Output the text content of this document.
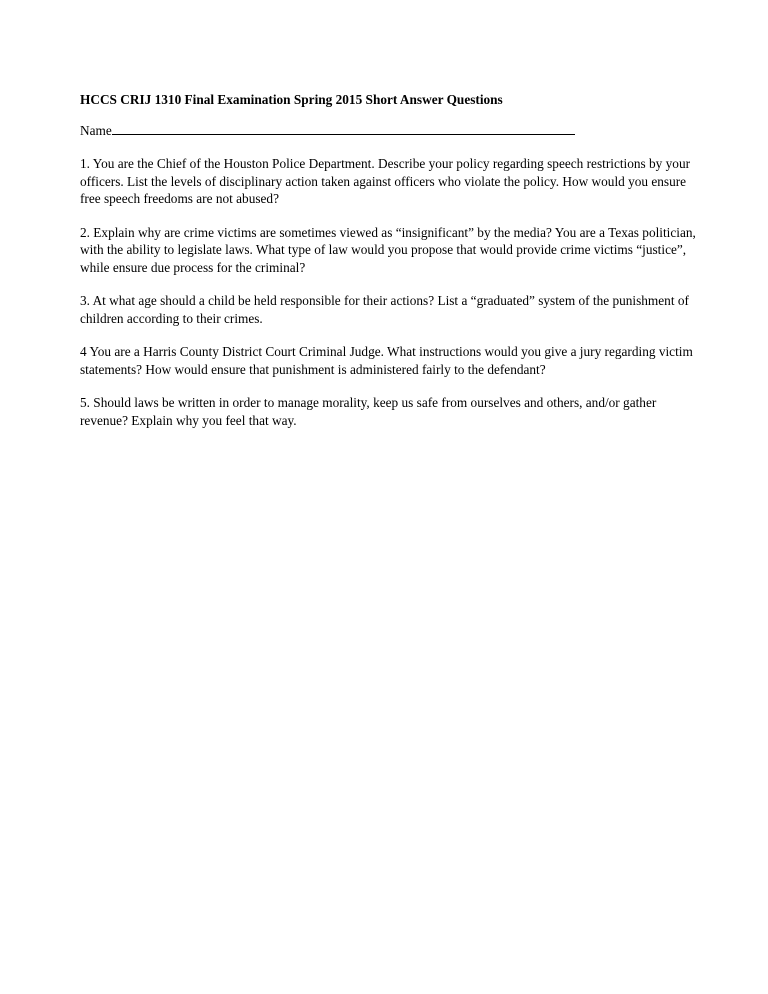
HCCS CRIJ 1310 Final Examination Spring 2015 Short Answer Questions

Name

1. You are the Chief of the Houston Police Department. Describe your policy regarding speech restrictions by your officers. List the levels of disciplinary action taken against officers who violate the policy. How would you ensure free speech freedoms are not abused?

2. Explain why are crime victims are sometimes viewed as “insignificant” by the media? You are a Texas politician, with the ability to legislate laws. What type of law would you propose that would provide crime victims “justice”, while ensure due process for the criminal?

3. At what age should a child be held responsible for their actions? List a “graduated” system of the punishment of children according to their crimes.

4 You are a Harris County District Court Criminal Judge. What instructions would you give a jury regarding victim statements? How would ensure that punishment is administered fairly to the defendant?

5. Should laws be written in order to manage morality, keep us safe from ourselves and others, and/or gather revenue? Explain why you feel that way.
